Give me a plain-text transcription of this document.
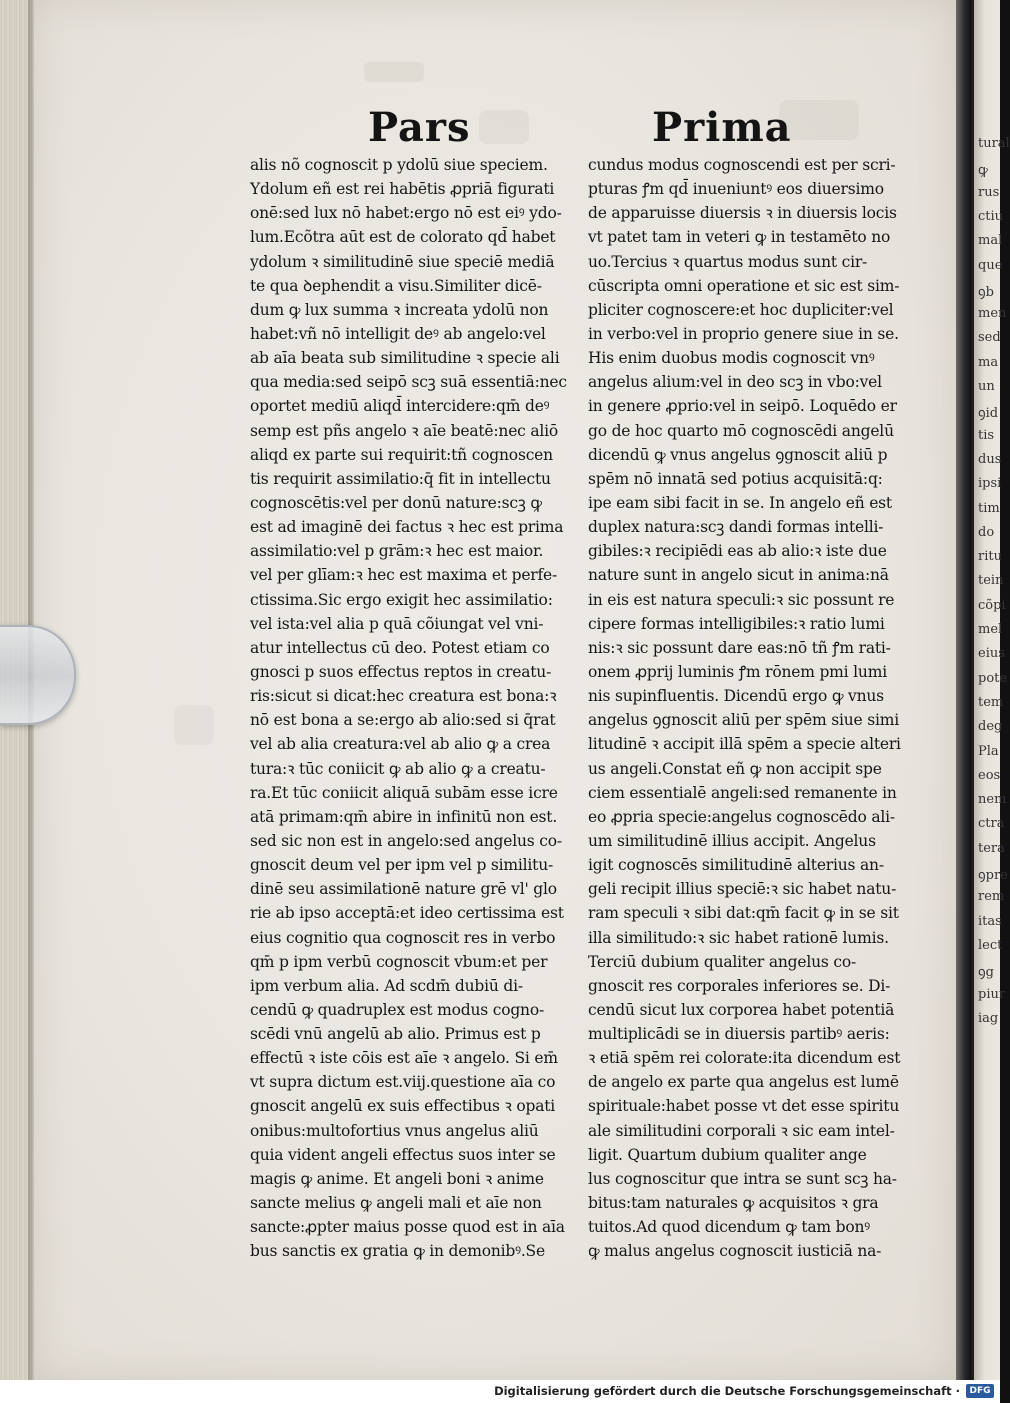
tural
ꝙ
rus
ctiu
mal
que
ꝯb
men
sed
ma
un
ꝯid
tis
dus
ipsi
tim
do
ritu
tein
cõpi
mel
eius
pote
tem
deg
Pla
eos
nem
ctra
tera
ꝯpre
rem
itas
lect
ꝯg
piur
iag
Pars	Prima
alis nõ cognoscit p ydolū siue speciem.
Ydolum eñ est rei habētis ꝓpriā figurati
onē:sed lux nō habet:ergo nō est eiꝰ ydo-
lum.Ecõtra aūt est de colorato qd̄ habet
ydolum ꝛ similitudinē siue speciē mediā
te qua ꝺephendit a visu.Similiter dicē-
dum ꝙ lux summa ꝛ increata ydolū non
habet:vñ nō intelligit deꝰ ab angelo:vel
ab aīa beata sub similitudine ꝛ specie ali
qua media:sed seipō scꝫ suā essentiā:nec
oportet mediū aliqd̄ intercidere:qm̄ deꝰ
semp est pñs angelo ꝛ aīe beatē:nec aliō
aliqd ex parte sui requirit:tñ cognoscen
tis requirit assimilatio:q̄ fit in intellectu
cognoscētis:vel per donū nature:scꝫ ꝙ
est ad imaginē dei factus ꝛ hec est prima
assimilatio:vel p grām:ꝛ hec est maior.
vel per glīam:ꝛ hec est maxima et perfe-
ctissima.Sic ergo exigit hec assimilatio:
vel ista:vel alia p quā cõiungat vel vni-
atur intellectus cū deo. Potest etiam co
gnosci p suos effectus reptos in creatu-
ris:sicut si dicat:hec creatura est bona:ꝛ
nō est bona a se:ergo ab alio:sed si q̄rat
vel ab alia creatura:vel ab alio ꝙ a crea
tura:ꝛ tūc coniicit ꝙ ab alio ꝙ a creatu-
ra.Et tūc coniicit aliquā subām esse icre
atā primam:qm̄ abire in infinitū non est.
sed sic non est in angelo:sed angelus co-
gnoscit deum vel per ipm vel p similitu-
dinē seu assimilationē nature grē vl' glo
rie ab ipso acceptā:et ideo certissima est
eius cognitio qua cognoscit res in verbo
qm̄ p ipm verbū cognoscit vbum:et per
ipm verbum alia. Ad scdm̄ dubiū di-
cendū ꝙ quadruplex est modus cogno-
scēdi vnū angelū ab alio. Primus est p
effectū ꝛ iste cōis est aīe ꝛ angelo. Si em̄
vt supra dictum est.viij.questione aīa co
gnoscit angelū ex suis effectibus ꝛ opati
onibus:multofortius vnus angelus aliū
quia vident angeli effectus suos inter se
magis ꝙ anime. Et angeli boni ꝛ anime
sancte melius ꝙ angeli mali et aīe non
sancte:ꝓpter maius posse quod est in aīa
bus sanctis ex gratia ꝙ in demonibꝰ.Se
cundus modus cognoscendi est per scri-
pturas ꝭm qd̄ inueniuntꝰ eos diuersimo
de apparuisse diuersis ꝛ in diuersis locis
vt patet tam in veteri ꝙ in testamēto no
uo.Tercius ꝛ quartus modus sunt cir-
cūscripta omni operatione et sic est sim-
pliciter cognoscere:et hoc dupliciter:vel
in verbo:vel in proprio genere siue in se.
His enim duobus modis cognoscit vnꝰ
angelus alium:vel in deo scꝫ in vbo:vel
in genere ꝓprio:vel in seipō. Loquēdo er
go de hoc quarto mō cognoscēdi angelū
dicendū ꝙ vnus angelus ꝯgnoscit aliū p
spēm nō innatā sed potius acquisitā:q:
ipe eam sibi facit in se. In angelo eñ est
duplex natura:scꝫ dandi formas intelli-
gibiles:ꝛ recipiēdi eas ab alio:ꝛ iste due
nature sunt in angelo sicut in anima:nā
in eis est natura speculi:ꝛ sic possunt re
cipere formas intelligibiles:ꝛ ratio lumi
nis:ꝛ sic possunt dare eas:nō tñ ꝭm rati-
onem ꝓprij luminis ꝭm rōnem pmi lumi
nis supinfluentis. Dicendū ergo ꝙ vnus
angelus ꝯgnoscit aliū per spēm siue simi
litudinē ꝛ accipit illā spēm a specie alteri
us angeli.Constat eñ ꝙ non accipit spe
ciem essentialē angeli:sed remanente in
eo ꝓpria specie:angelus cognoscēdo ali-
um similitudinē illius accipit. Angelus
igit cognoscēs similitudinē alterius an-
geli recipit illius speciē:ꝛ sic habet natu-
ram speculi ꝛ sibi dat:qm̄ facit ꝙ in se sit
illa similitudo:ꝛ sic habet rationē lumis.
Terciū dubium qualiter angelus co-
gnoscit res corporales inferiores se. Di-
cendū sicut lux corporea habet potentiā
multiplicādi se in diuersis partibꝰ aeris:
ꝛ etiā spēm rei colorate:ita dicendum est
de angelo ex parte qua angelus est lumē
spirituale:habet posse vt det esse spiritu
ale similitudini corporali ꝛ sic eam intel-
ligit. Quartum dubium qualiter ange
lus cognoscitur que intra se sunt scꝫ ha-
bitus:tam naturales ꝙ acquisitos ꝛ gra
tuitos.Ad quod dicendum ꝙ tam bonꝰ
ꝙ malus angelus cognoscit iusticiā na-
Digitalisierung gefördert durch die Deutsche Forschungsgemeinschaft ·	DFG
